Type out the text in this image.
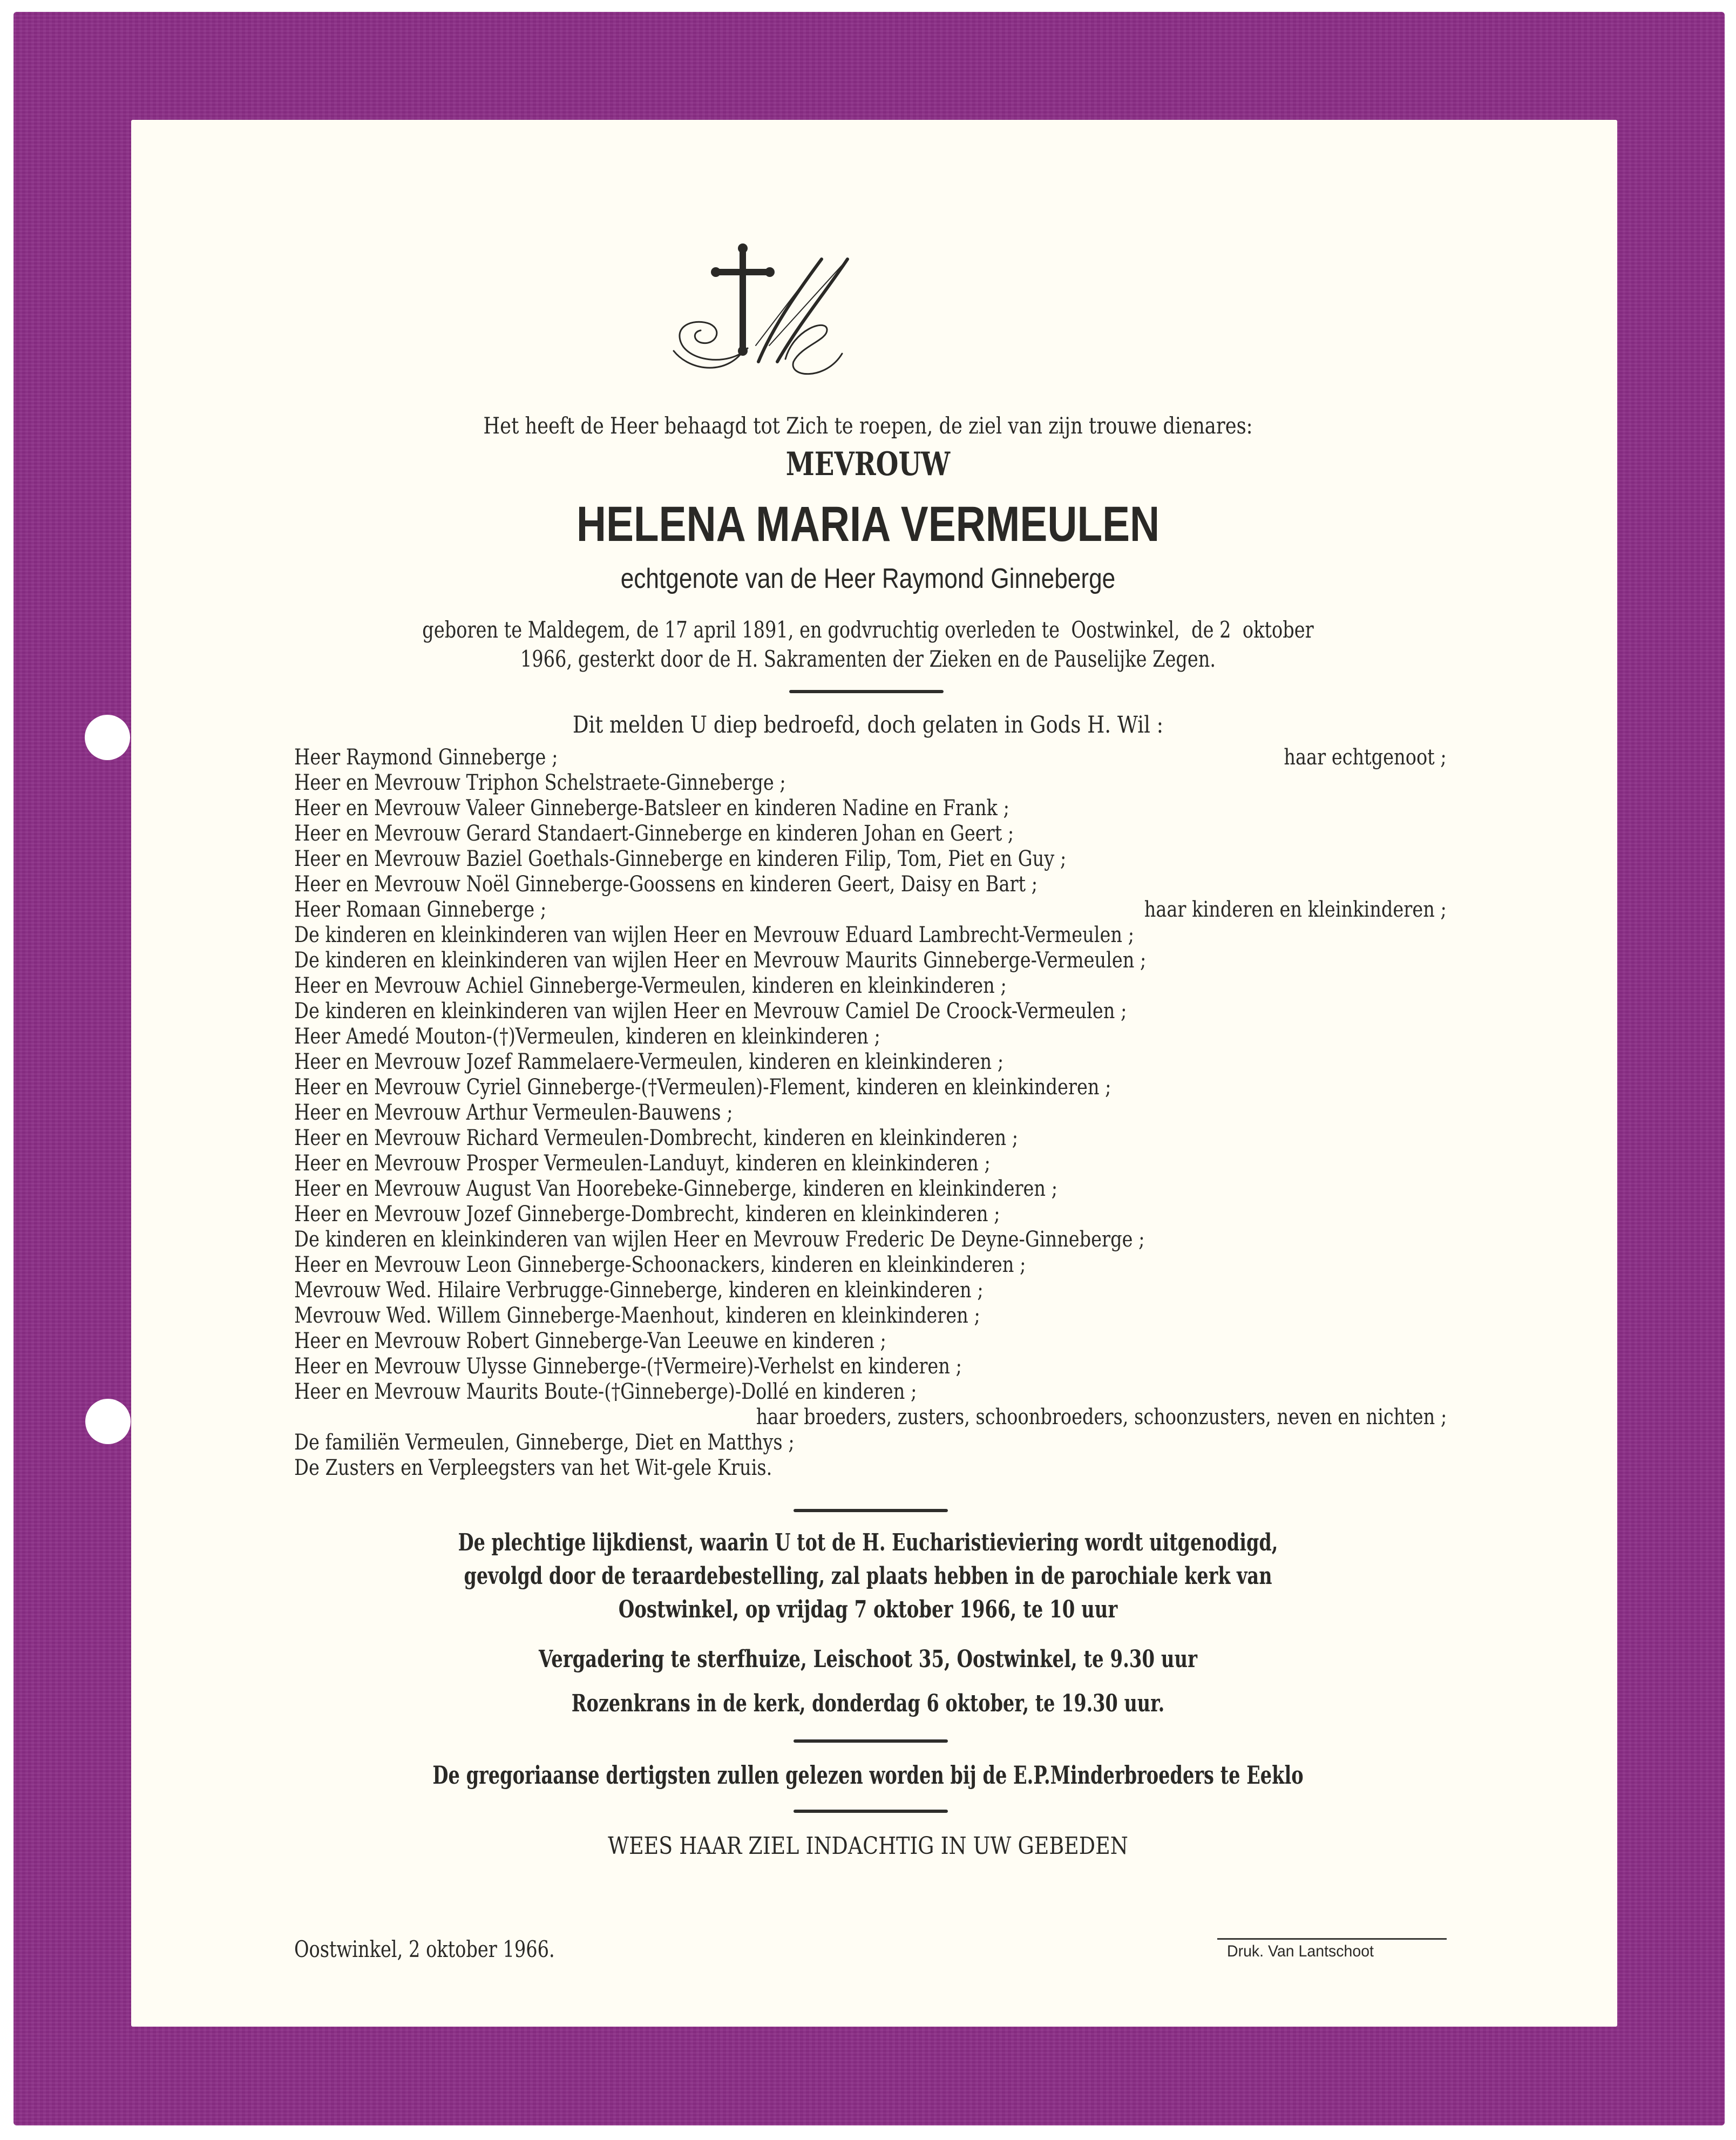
Het heeft de Heer behaagd tot Zich te roepen, de ziel van zijn trouwe dienares:
MEVROUW
HELENA MARIA VERMEULEN
echtgenote van de Heer Raymond Ginneberge
geboren te Maldegem, de 17 april 1891, en godvruchtig overleden te  Oostwinkel,  de 2  oktober
1966, gesterkt door de H. Sakramenten der Zieken en de Pauselijke Zegen.
Dit melden U diep bedroefd, doch gelaten in Gods H. Wil :
Heer Raymond Ginneberge ;	haar echtgenoot ;
Heer en Mevrouw Triphon Schelstraete-Ginneberge ;
Heer en Mevrouw Valeer Ginneberge-Batsleer en kinderen Nadine en Frank ;
Heer en Mevrouw Gerard Standaert-Ginneberge en kinderen Johan en Geert ;
Heer en Mevrouw Baziel Goethals-Ginneberge en kinderen Filip, Tom, Piet en Guy ;
Heer en Mevrouw Noël Ginneberge-Goossens en kinderen Geert, Daisy en Bart ;
Heer Romaan Ginneberge ;	haar kinderen en kleinkinderen ;
De kinderen en kleinkinderen van wijlen Heer en Mevrouw Eduard Lambrecht-Vermeulen ;
De kinderen en kleinkinderen van wijlen Heer en Mevrouw Maurits Ginneberge-Vermeulen ;
Heer en Mevrouw Achiel Ginneberge-Vermeulen, kinderen en kleinkinderen ;
De kinderen en kleinkinderen van wijlen Heer en Mevrouw Camiel De Croock-Vermeulen ;
Heer Amedé Mouton-(†)Vermeulen, kinderen en kleinkinderen ;
Heer en Mevrouw Jozef Rammelaere-Vermeulen, kinderen en kleinkinderen ;
Heer en Mevrouw Cyriel Ginneberge-(†Vermeulen)-Flement, kinderen en kleinkinderen ;
Heer en Mevrouw Arthur Vermeulen-Bauwens ;
Heer en Mevrouw Richard Vermeulen-Dombrecht, kinderen en kleinkinderen ;
Heer en Mevrouw Prosper Vermeulen-Landuyt, kinderen en kleinkinderen ;
Heer en Mevrouw August Van Hoorebeke-Ginneberge, kinderen en kleinkinderen ;
Heer en Mevrouw Jozef Ginneberge-Dombrecht, kinderen en kleinkinderen ;
De kinderen en kleinkinderen van wijlen Heer en Mevrouw Frederic De Deyne-Ginneberge ;
Heer en Mevrouw Leon Ginneberge-Schoonackers, kinderen en kleinkinderen ;
Mevrouw Wed. Hilaire Verbrugge-Ginneberge, kinderen en kleinkinderen ;
Mevrouw Wed. Willem Ginneberge-Maenhout, kinderen en kleinkinderen ;
Heer en Mevrouw Robert Ginneberge-Van Leeuwe en kinderen ;
Heer en Mevrouw Ulysse Ginneberge-(†Vermeire)-Verhelst en kinderen ;
Heer en Mevrouw Maurits Boute-(†Ginneberge)-Dollé en kinderen ;
haar broeders, zusters, schoonbroeders, schoonzusters, neven en nichten ;
De familiën Vermeulen, Ginneberge, Diet en Matthys ;
De Zusters en Verpleegsters van het Wit-gele Kruis.
De plechtige lijkdienst, waarin U tot de H. Eucharistieviering wordt uitgenodigd,
gevolgd door de teraardebestelling, zal plaats hebben in de parochiale kerk van
Oostwinkel, op vrijdag 7 oktober 1966, te 10 uur
Vergadering te sterfhuize, Leischoot 35, Oostwinkel, te 9.30 uur
Rozenkrans in de kerk, donderdag 6 oktober, te 19.30 uur.
De gregoriaanse dertigsten zullen gelezen worden bij de E.P.Minderbroeders te Eeklo
WEES HAAR ZIEL INDACHTIG IN UW GEBEDEN
Oostwinkel, 2 oktober 1966.	Druk. Van Lantschoot
